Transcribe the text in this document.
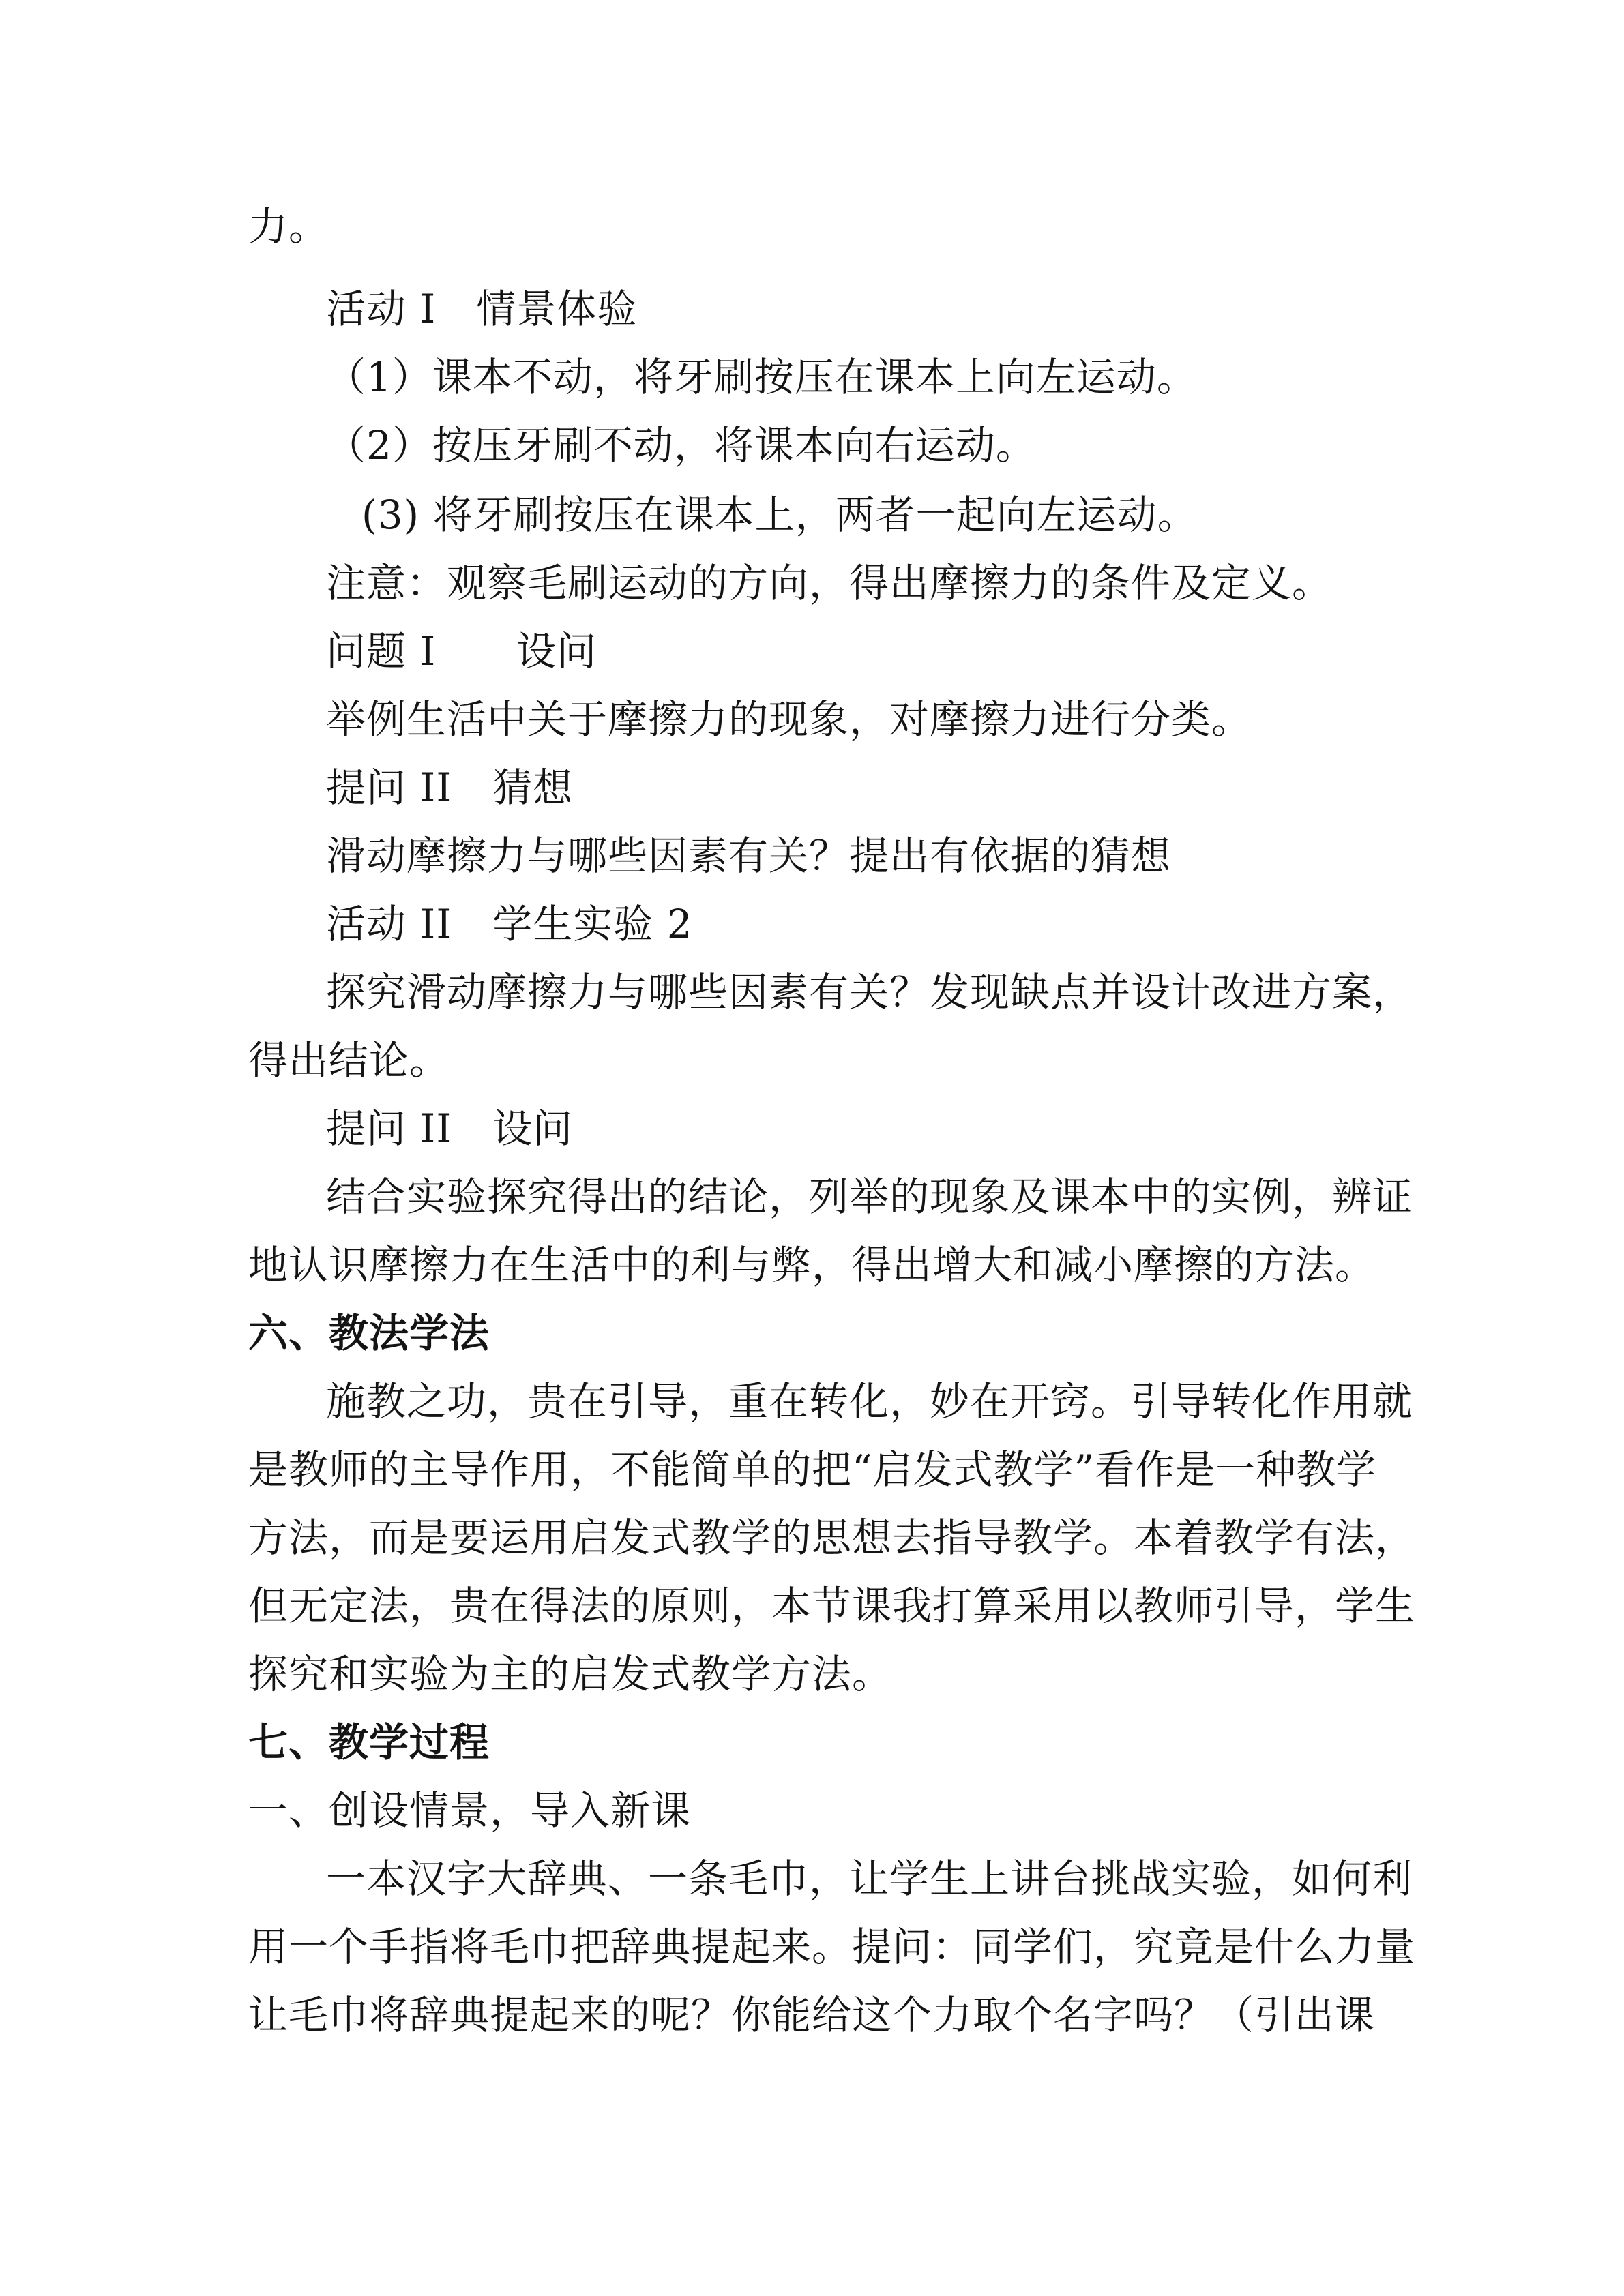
力。
活动 I　情景体验
（1）课本不动，将牙刷按压在课本上向左运动。
（2）按压牙刷不动，将课本向右运动。
(3) 将牙刷按压在课本上，两者一起向左运动。
注意：观察毛刷运动的方向，得出摩擦力的条件及定义。
问题 I　　设问
举例生活中关于摩擦力的现象，对摩擦力进行分类。
提问 II　猜想
滑动摩擦力与哪些因素有关？提出有依据的猜想
活动 II　学生实验 2
探究滑动摩擦力与哪些因素有关？发现缺点并设计改进方案，
得出结论。
提问 II　设问
结合实验探究得出的结论，列举的现象及课本中的实例，辨证
地认识摩擦力在生活中的利与弊，得出增大和减小摩擦的方法。
六、教法学法
施教之功，贵在引导，重在转化，妙在开窍。引导转化作用就
是教师的主导作用，不能简单的把“启发式教学”看作是一种教学
方法，而是要运用启发式教学的思想去指导教学。本着教学有法，
但无定法，贵在得法的原则，本节课我打算采用以教师引导，学生
探究和实验为主的启发式教学方法。
七、教学过程
一、创设情景，导入新课
一本汉字大辞典、一条毛巾，让学生上讲台挑战实验，如何利
用一个手指将毛巾把辞典提起来。提问：同学们，究竟是什么力量
让毛巾将辞典提起来的呢？你能给这个力取个名字吗？（引出课
